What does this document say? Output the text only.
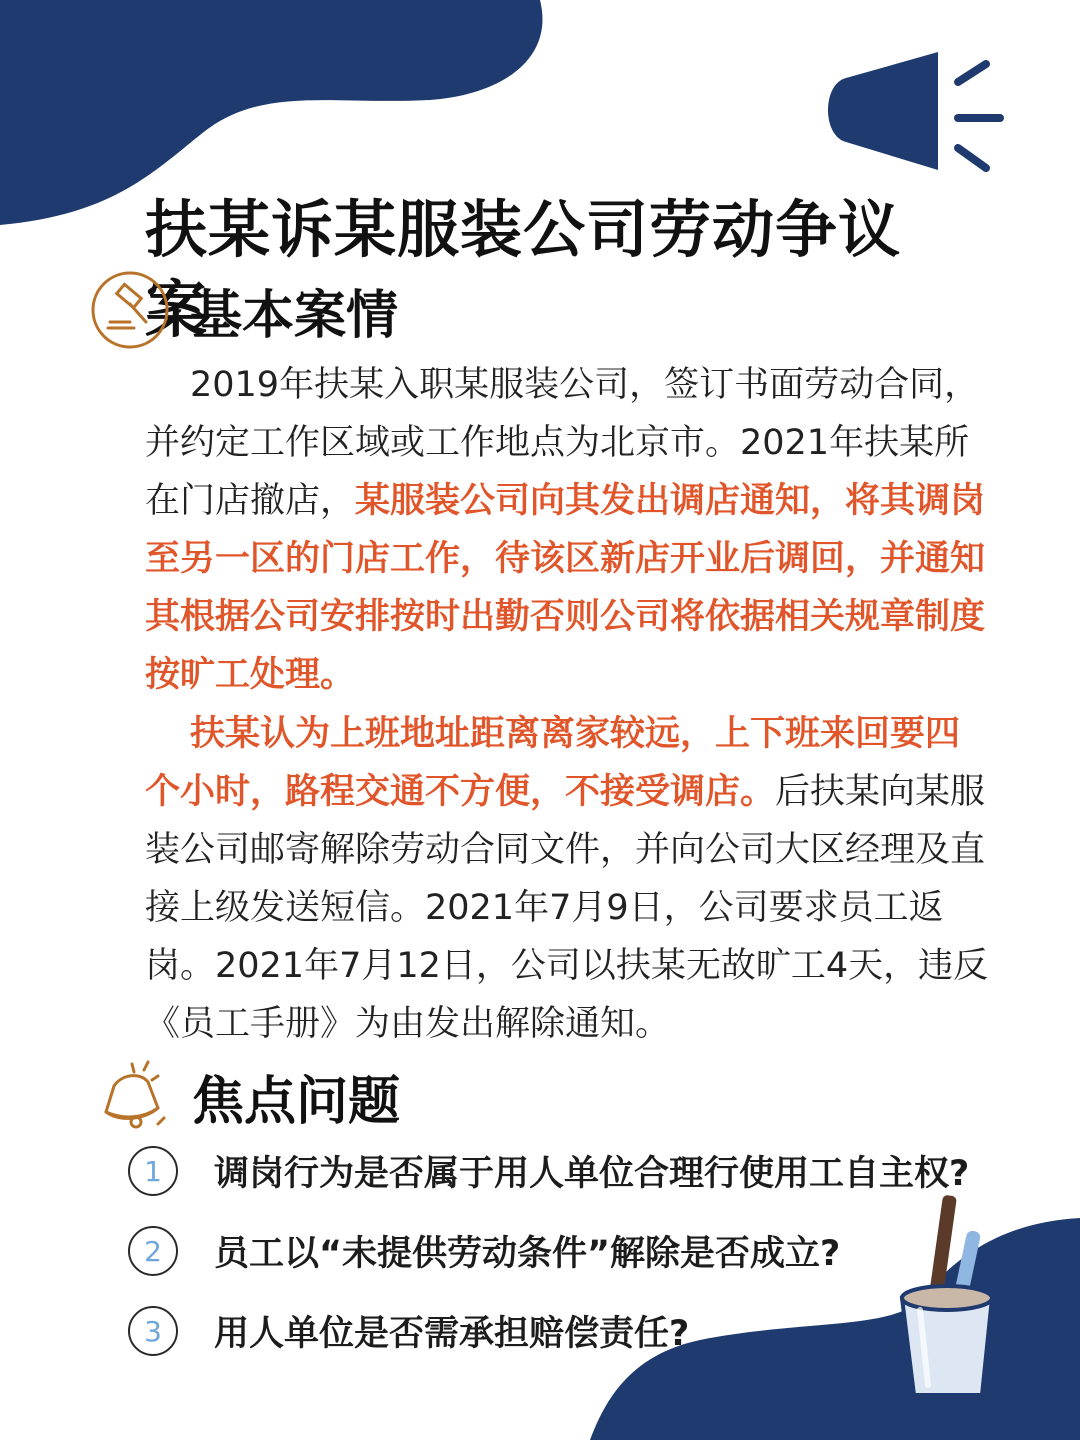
扶某诉某服装公司劳动争议案
基本案情

2019年扶某入职某服装公司，签订书面劳动合同，并约定工作区域或工作地点为北京市。2021年扶某所在门店撤店，某服装公司向其发出调店通知，将其调岗至另一区的门店工作，待该区新店开业后调回，并通知其根据公司安排按时出勤否则公司将依据相关规章制度按旷工处理。

扶某认为上班地址距离离家较远，上下班来回要四个小时，路程交通不方便，不接受调店。后扶某向某服装公司邮寄解除劳动合同文件，并向公司大区经理及直接上级发送短信。2021年7月9日，公司要求员工返岗。2021年7月12日，公司以扶某无故旷工4天，违反《员工手册》为由发出解除通知。

焦点问题
1	调岗行为是否属于用人单位合理行使用工自主权?
2	员工以“未提供劳动条件”解除是否成立?
3	用人单位是否需承担赔偿责任?
